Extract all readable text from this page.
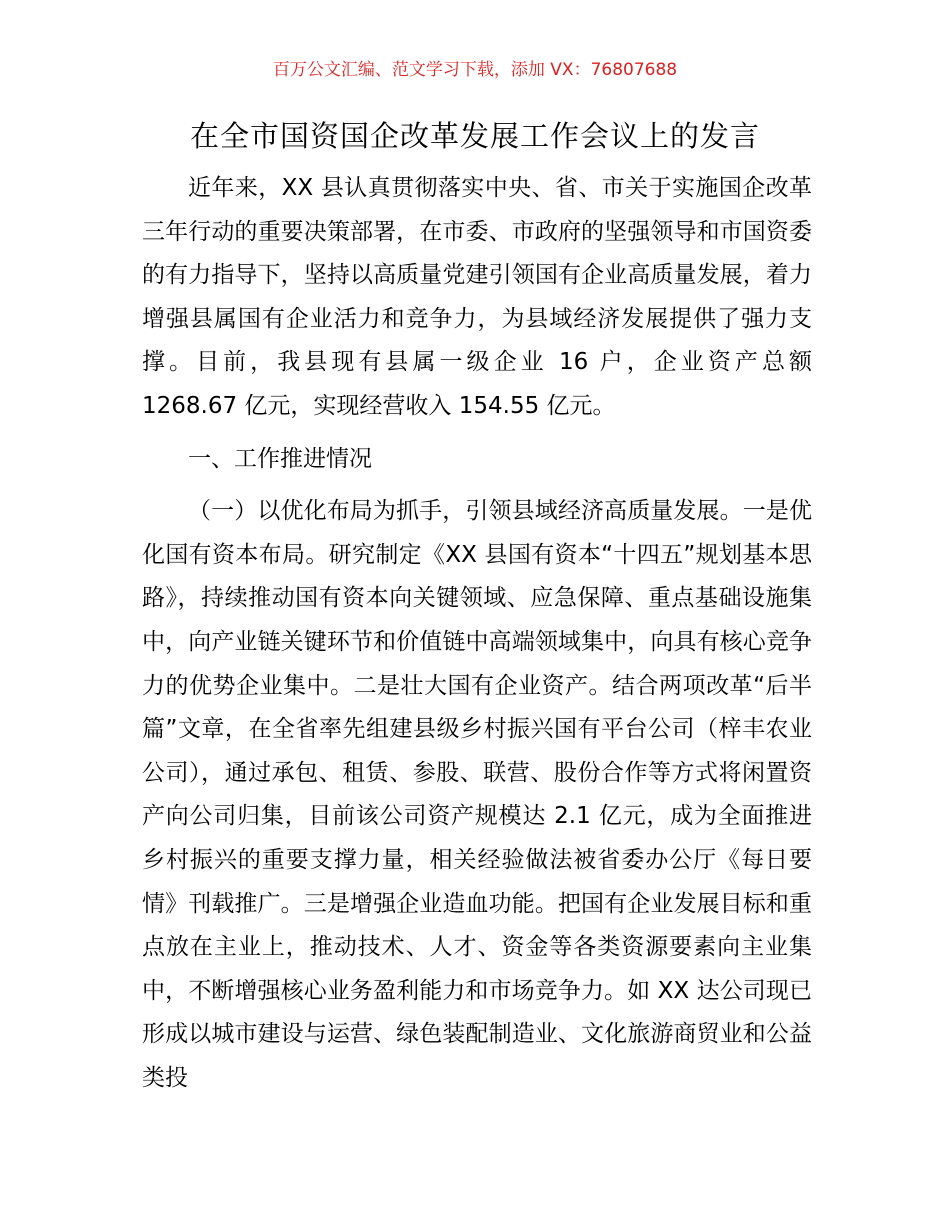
百万公文汇编、范文学习下载，添加 VX：76807688
在全市国资国企改革发展工作会议上的发言

近年来，XX 县认真贯彻落实中央、省、市关于实施国企改革三年行动的重要决策部署，在市委、市政府的坚强领导和市国资委的有力指导下，坚持以高质量党建引领国有企业高质量发展，着力增强县属国有企业活力和竞争力，为县域经济发展提供了强力支撑。目前，我县现有县属一级企业 16 户，企业资产总额 1268.67 亿元，实现经营收入 154.55 亿元。

一、工作推进情况

（一）以优化布局为抓手，引领县域经济高质量发展。一是优化国有资本布局。研究制定《XX 县国有资本“十四五”规划基本思路》，持续推动国有资本向关键领域、应急保障、重点基础设施集中，向产业链关键环节和价值链中高端领域集中，向具有核心竞争力的优势企业集中。二是壮大国有企业资产。结合两项改革“后半篇”文章，在全省率先组建县级乡村振兴国有平台公司（梓丰农业公司），通过承包、租赁、参股、联营、股份合作等方式将闲置资产向公司归集，目前该公司资产规模达 2.1 亿元，成为全面推进乡村振兴的重要支撑力量，相关经验做法被省委办公厅《每日要情》刊载推广。三是增强企业造血功能。把国有企业发展目标和重点放在主业上，推动技术、人才、资金等各类资源要素向主业集中，不断增强核心业务盈利能力和市场竞争力。如 XX 达公司现已形成以城市建设与运营、绿色装配制造业、文化旅游商贸业和公益类投
